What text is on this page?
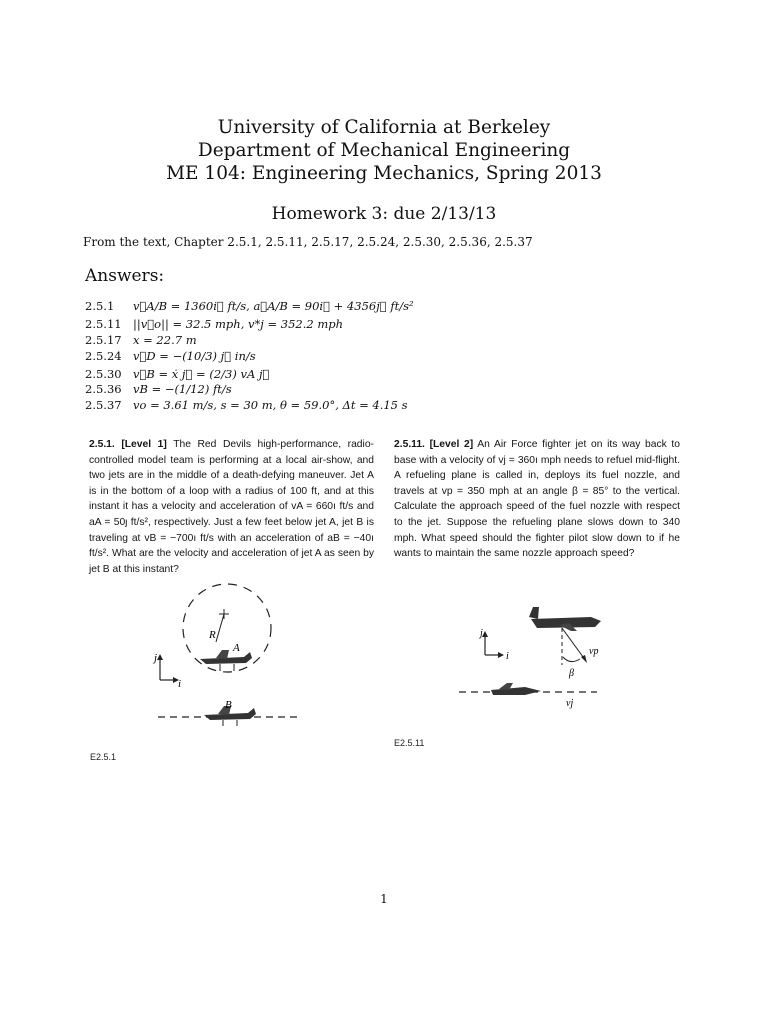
University of California at Berkeley
Department of Mechanical Engineering
ME 104: Engineering Mechanics, Spring 2013
Homework 3: due 2/13/13
From the text, Chapter 2.5.1, 2.5.11, 2.5.17, 2.5.24, 2.5.30, 2.5.36, 2.5.37
Answers:
2.5.1 v⃗A/B = 1360i⃗ ft/s, a⃗A/B = 90i⃗ + 4356j⃗ ft/s²
2.5.11 ||v⃗o|| = 32.5 mph, v*j = 352.2 mph
2.5.17 x = 22.7 m
2.5.24 v⃗D = −(10/3) j⃗ in/s
2.5.30 v⃗B = ẋ j⃗ = (2/3) vA j⃗
2.5.36 vB = −(1/12) ft/s
2.5.37 vo = 3.61 m/s, s = 30 m, θ = 59.0°, Δt = 4.15 s
2.5.1. [Level 1] The Red Devils high-performance, radio-controlled model team is performing at a local air-show, and two jets are in the middle of a death-defying maneuver. Jet A is in the bottom of a loop with a radius of 100 ft, and at this instant it has a velocity and acceleration of vA = 660ı ft/s and aA = 50ȷ ft/s², respectively. Just a few feet below jet A, jet B is traveling at vB = −700ı ft/s with an acceleration of aB = −40ı ft/s². What are the velocity and acceleration of jet A as seen by jet B at this instant?
2.5.11. [Level 2] An Air Force fighter jet on its way back to base with a velocity of vj = 360ı mph needs to refuel mid-flight. A refueling plane is called in, deploys its fuel nozzle, and travels at vp = 350 mph at an angle β = 85° to the vertical. Calculate the approach speed of the fuel nozzle with respect to the jet. Suppose the refueling plane slows down to 340 mph. What speed should the fighter pilot slow down to if he wants to maintain the same nozzle approach speed?
R
A
j
i
B
vp
β
j
i
vj
E2.5.1
E2.5.11
1
